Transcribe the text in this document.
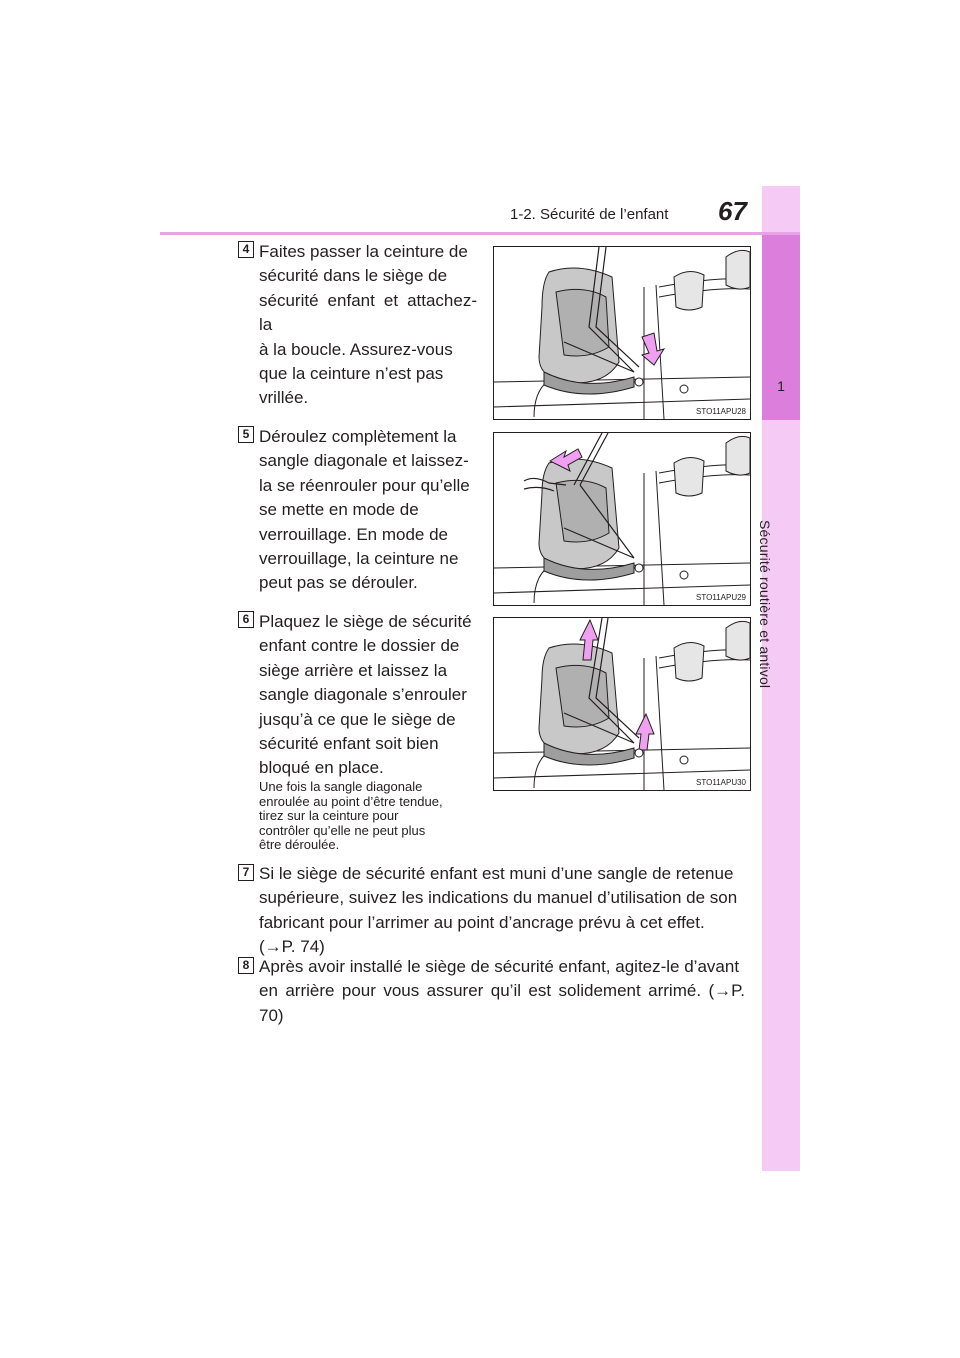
1-2. Sécurité de l’enfant 67
1
Sécurité routière et antivol
4 Faites passer la ceinture de
sécurité dans le siège de
sécurité enfant et attachez-la
à la boucle. Assurez-vous
que la ceinture n’est pas
vrillée.
STO11APU28
5 Déroulez complètement la
sangle diagonale et laissez-
la se réenrouler pour qu’elle
se mette en mode de
verrouillage. En mode de
verrouillage, la ceinture ne
peut pas se dérouler.
STO11APU29
6 Plaquez le siège de sécurité
enfant contre le dossier de
siège arrière et laissez la
sangle diagonale s’enrouler
jusqu’à ce que le siège de
sécurité enfant soit bien
bloqué en place.
Une fois la sangle diagonale
enroulée au point d’être tendue,
tirez sur la ceinture pour
contrôler qu’elle ne peut plus
être déroulée.
STO11APU30
7 Si le siège de sécurité enfant est muni d’une sangle de retenue
supérieure, suivez les indications du manuel d’utilisation de son
fabricant pour l’arrimer au point d’ancrage prévu à cet effet.
(→P. 74)
8 Après avoir installé le siège de sécurité enfant, agitez-le d’avant
en arrière pour vous assurer qu’il est solidement arrimé. (→P. 70)
